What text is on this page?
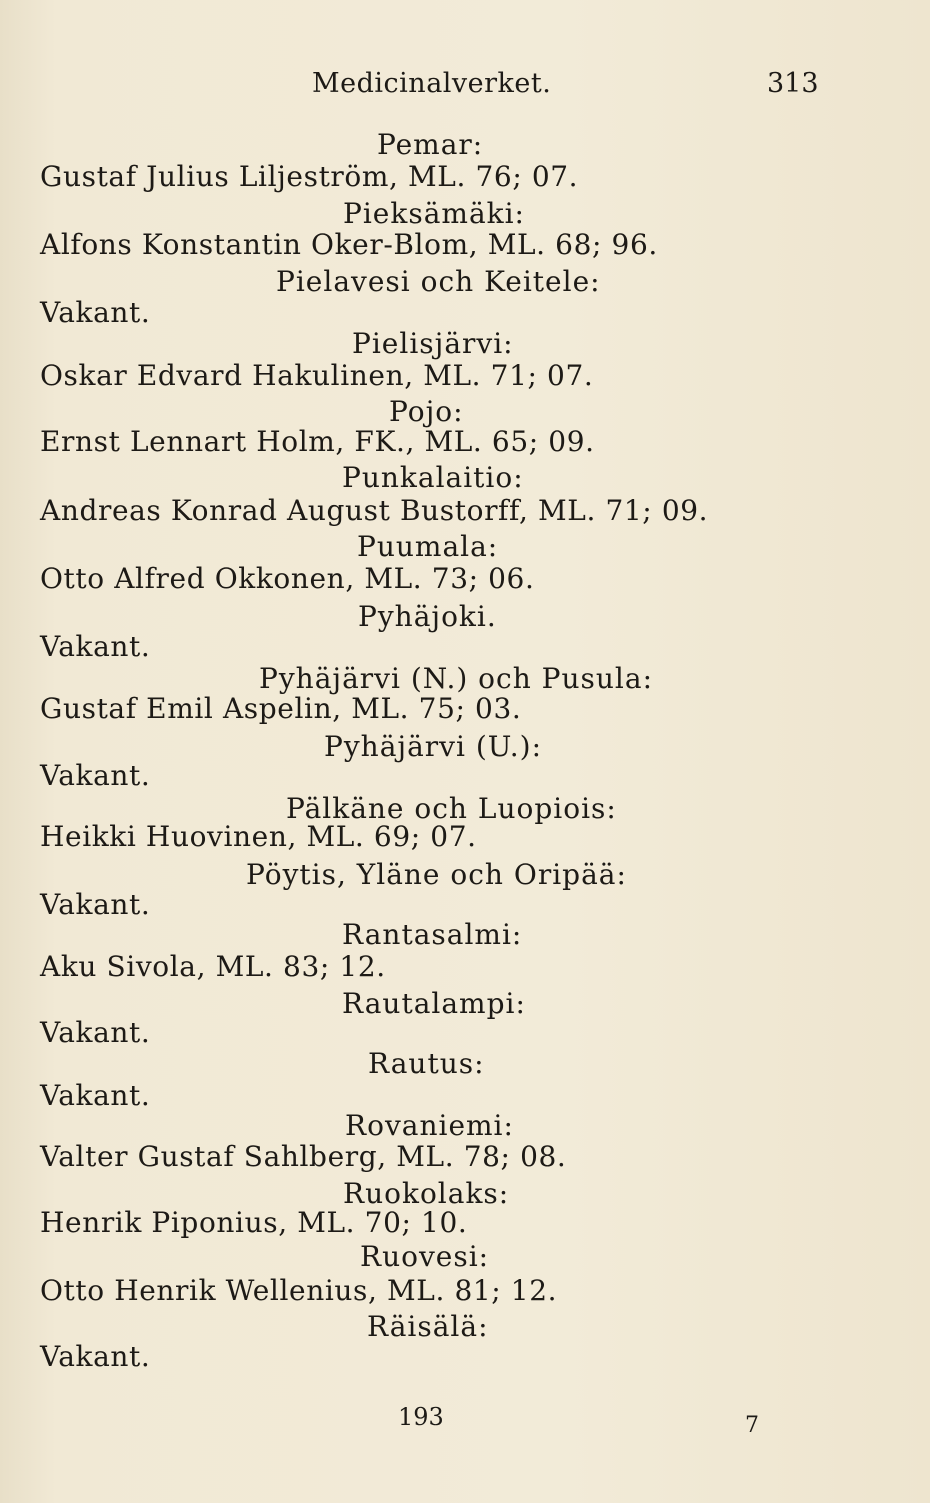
Medicinalverket.	313
Pemar:
Gustaf Julius Liljeström, ML. 76; 07.
Pieksämäki:
Alfons Konstantin Oker-Blom, ML. 68; 96.
Pielavesi och Keitele:
Vakant.
Pielisjärvi:
Oskar Edvard Hakulinen, ML. 71; 07.
Pojo:
Ernst Lennart Holm, FK., ML. 65; 09.
Punkalaitio:
Andreas Konrad August Bustorff, ML. 71; 09.
Puumala:
Otto Alfred Okkonen, ML. 73; 06.
Pyhäjoki.
Vakant.
Pyhäjärvi (N.) och Pusula:
Gustaf Emil Aspelin, ML. 75; 03.
Pyhäjärvi (U.):
Vakant.
Pälkäne och Luopiois:
Heikki Huovinen, ML. 69; 07.
Pöytis, Yläne och Oripää:
Vakant.
Rantasalmi:
Aku Sivola, ML. 83; 12.
Rautalampi:
Vakant.
Rautus:
Vakant.
Rovaniemi:
Valter Gustaf Sahlberg, ML. 78; 08.
Ruokolaks:
Henrik Piponius, ML. 70; 10.
Ruovesi:
Otto Henrik Wellenius, ML. 81; 12.
Räisälä:
Vakant.
193	7
